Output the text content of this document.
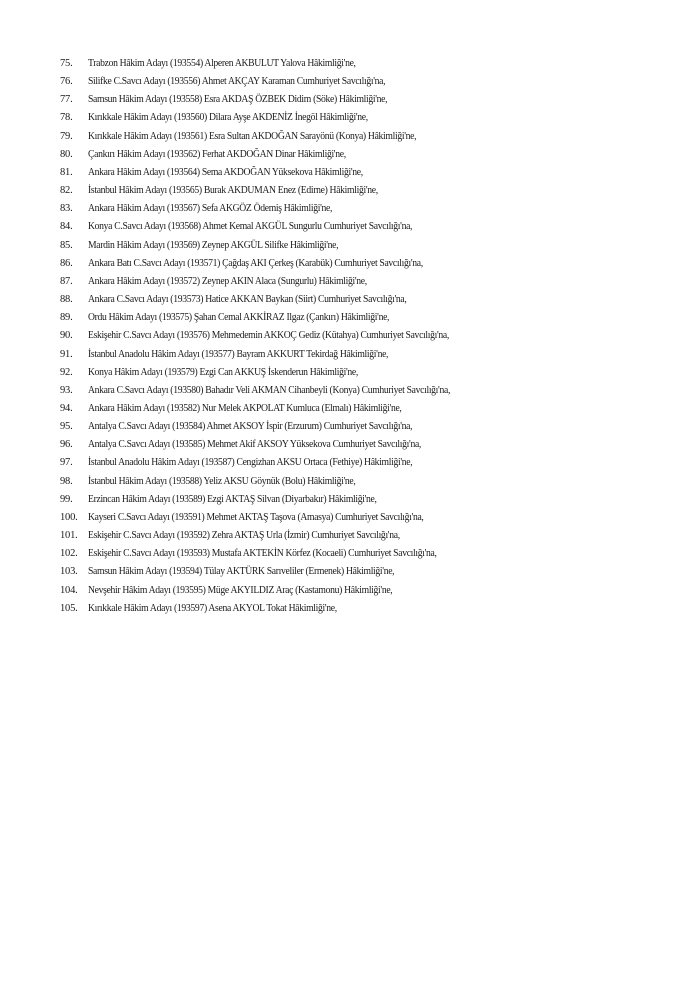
75.	Trabzon Hâkim Adayı (193554) Alperen AKBULUT Yalova Hâkimliği'ne,
76.	Silifke C.Savcı Adayı (193556) Ahmet AKÇAY Karaman Cumhuriyet Savcılığı'na,
77.	Samsun Hâkim Adayı (193558) Esra AKDAŞ ÖZBEK Didim (Söke) Hâkimliği'ne,
78.	Kırıkkale Hâkim Adayı (193560) Dilara Ayşe AKDENİZ İnegöl Hâkimliği'ne,
79.	Kırıkkale Hâkim Adayı (193561) Esra Sultan AKDOĞAN Sarayönü (Konya) Hâkimliği'ne,
80.	Çankırı Hâkim Adayı (193562) Ferhat AKDOĞAN Dinar Hâkimliği'ne,
81.	Ankara Hâkim Adayı (193564) Sema AKDOĞAN Yüksekova Hâkimliği'ne,
82.	İstanbul Hâkim Adayı (193565) Burak AKDUMAN Enez (Edirne) Hâkimliği'ne,
83.	Ankara Hâkim Adayı (193567) Sefa AKGÖZ Ödemiş Hâkimliği'ne,
84.	Konya C.Savcı Adayı (193568) Ahmet Kemal AKGÜL Sungurlu Cumhuriyet Savcılığı'na,
85.	Mardin Hâkim Adayı (193569) Zeynep AKGÜL Silifke Hâkimliği'ne,
86.	Ankara Batı C.Savcı Adayı (193571) Çağdaş AKI Çerkeş (Karabük) Cumhuriyet Savcılığı'na,
87.	Ankara Hâkim Adayı (193572) Zeynep AKIN Alaca (Sungurlu) Hâkimliği'ne,
88.	Ankara C.Savcı Adayı (193573) Hatice AKKAN Baykan (Siirt) Cumhuriyet Savcılığı'na,
89.	Ordu Hâkim Adayı (193575) Şahan Cemal AKKİRAZ Ilgaz (Çankırı) Hâkimliği'ne,
90.	Eskişehir C.Savcı Adayı (193576) Mehmedemin AKKOÇ Gediz (Kütahya) Cumhuriyet Savcılığı'na,
91.	İstanbul Anadolu Hâkim Adayı (193577) Bayram AKKURT Tekirdağ Hâkimliği'ne,
92.	Konya Hâkim Adayı (193579) Ezgi Can AKKUŞ İskenderun Hâkimliği'ne,
93.	Ankara C.Savcı Adayı (193580) Bahadır Veli AKMAN Cihanbeyli (Konya) Cumhuriyet Savcılığı'na,
94.	Ankara Hâkim Adayı (193582) Nur Melek AKPOLAT Kumluca (Elmalı) Hâkimliği'ne,
95.	Antalya C.Savcı Adayı (193584) Ahmet AKSOY İspir (Erzurum) Cumhuriyet Savcılığı'na,
96.	Antalya C.Savcı Adayı (193585) Mehmet Akif AKSOY Yüksekova Cumhuriyet Savcılığı'na,
97.	İstanbul Anadolu Hâkim Adayı (193587) Cengizhan AKSU Ortaca (Fethiye) Hâkimliği'ne,
98.	İstanbul Hâkim Adayı (193588) Yeliz AKSU Göynük (Bolu) Hâkimliği'ne,
99.	Erzincan Hâkim Adayı (193589) Ezgi AKTAŞ Silvan (Diyarbakır) Hâkimliği'ne,
100. Kayseri C.Savcı Adayı (193591) Mehmet AKTAŞ Taşova (Amasya) Cumhuriyet Savcılığı'na,
101. Eskişehir C.Savcı Adayı (193592) Zehra AKTAŞ Urla (İzmir) Cumhuriyet Savcılığı'na,
102. Eskişehir C.Savcı Adayı (193593) Mustafa AKTEKİN Körfez (Kocaeli) Cumhuriyet Savcılığı'na,
103. Samsun Hâkim Adayı (193594) Tülay AKTÜRK Sarıveliler (Ermenek) Hâkimliği'ne,
104. Nevşehir Hâkim Adayı (193595) Müge AKYILDIZ Araç (Kastamonu) Hâkimliği'ne,
105. Kırıkkale Hâkim Adayı (193597) Asena AKYOL Tokat Hâkimliği'ne,
